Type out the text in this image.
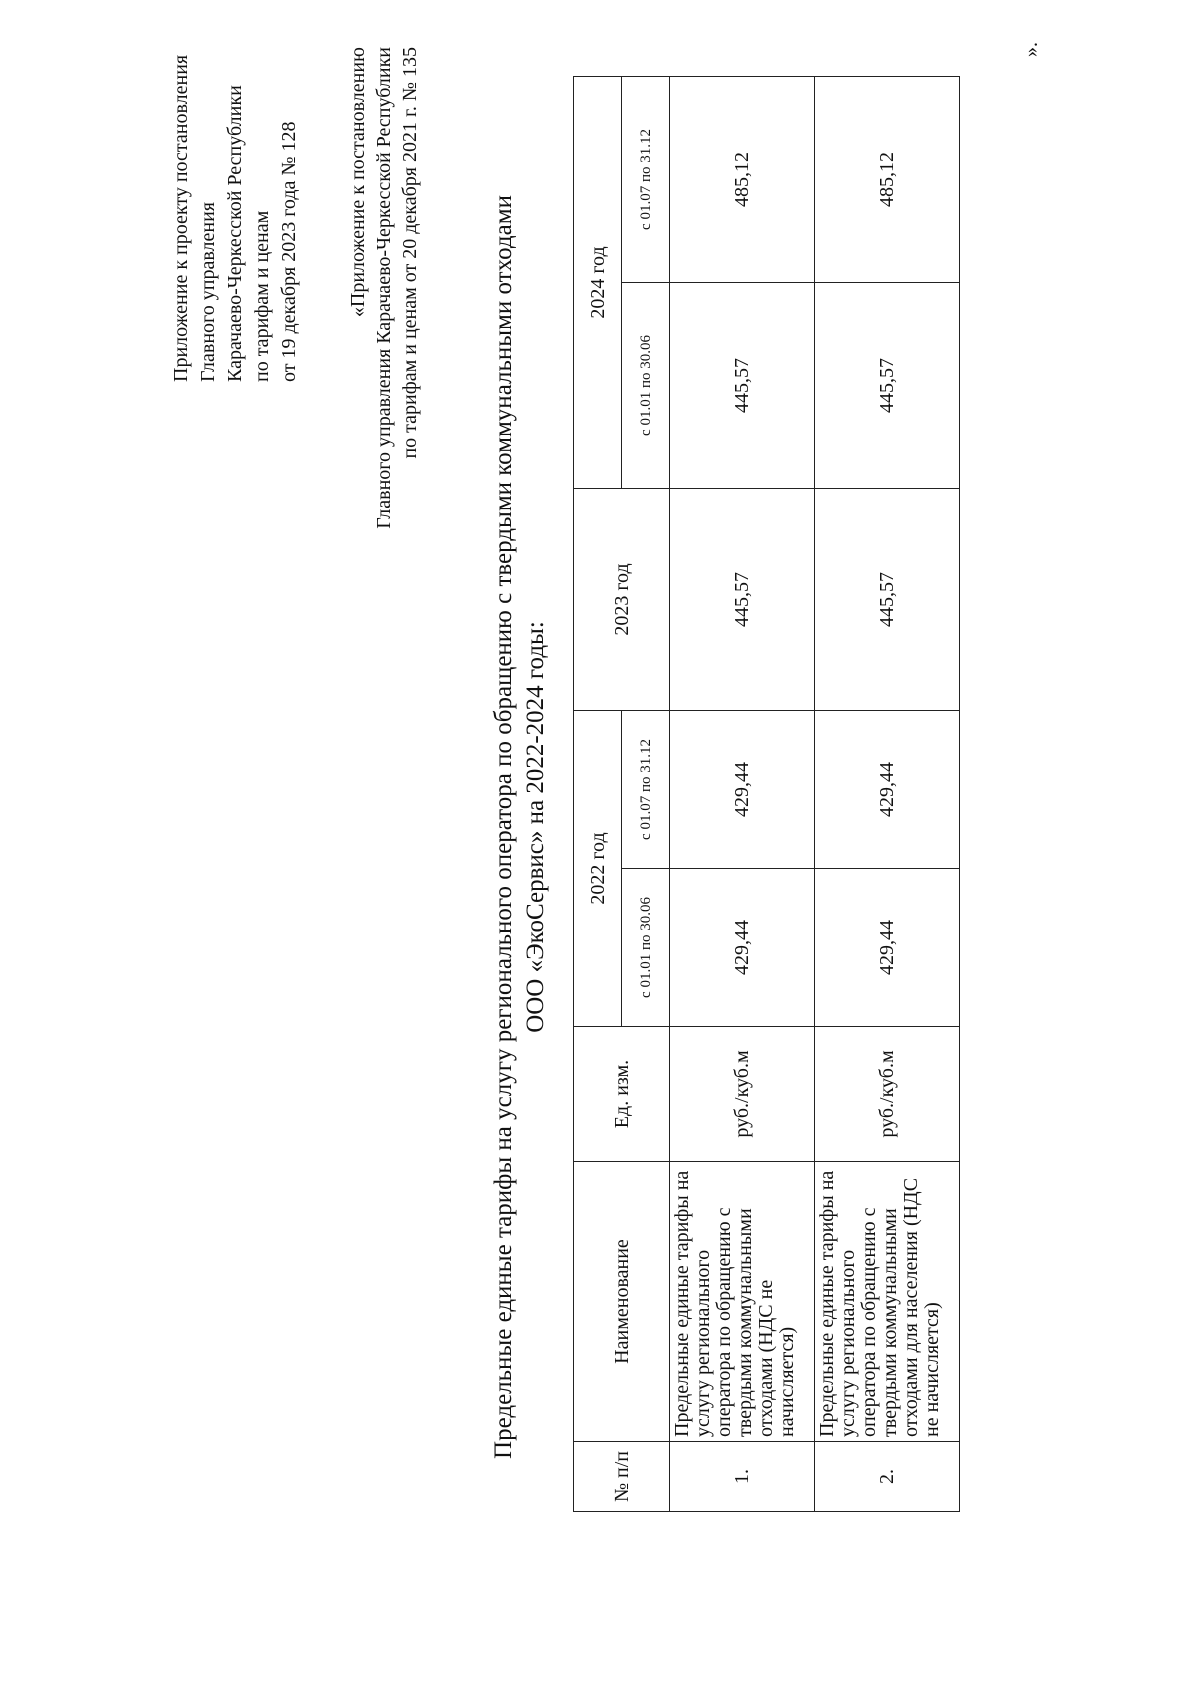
Приложение к проекту постановления Главного управления Карачаево-Черкесской Республики по тарифам и ценам от 19 декабря 2023 года № 128 «Приложение к постановлению Главного управления Карачаево-Черкесской Республики по тарифам и ценам от 20 декабря 2021 г. № 135	Предельные единые тарифы на услугу регионального оператора по обращению с твердыми коммунальными отходами ООО «ЭкоСервис» на 2022-2024 годы:
№ п/п	Наименование	Ед. изм.	2022 год		2023 год	2024 год	
			с 01.01 по 30.06	с 01.07 по 31.12		с 01.01 по 30.06	с 01.07 по 31.12
1.	Предельные единые тарифы на услугу регионального оператора по обращению с твердыми коммунальными отходами (НДС не начисляется)	руб./куб.м	429,44	429,44	445,57	445,57	485,12
2.	Предельные единые тарифы на услугу регионального оператора по обращению с твердыми коммунальными отходами для населения (НДС не начисляется)	руб./куб.м	429,44	429,44	445,57	445,57	485,12
».
